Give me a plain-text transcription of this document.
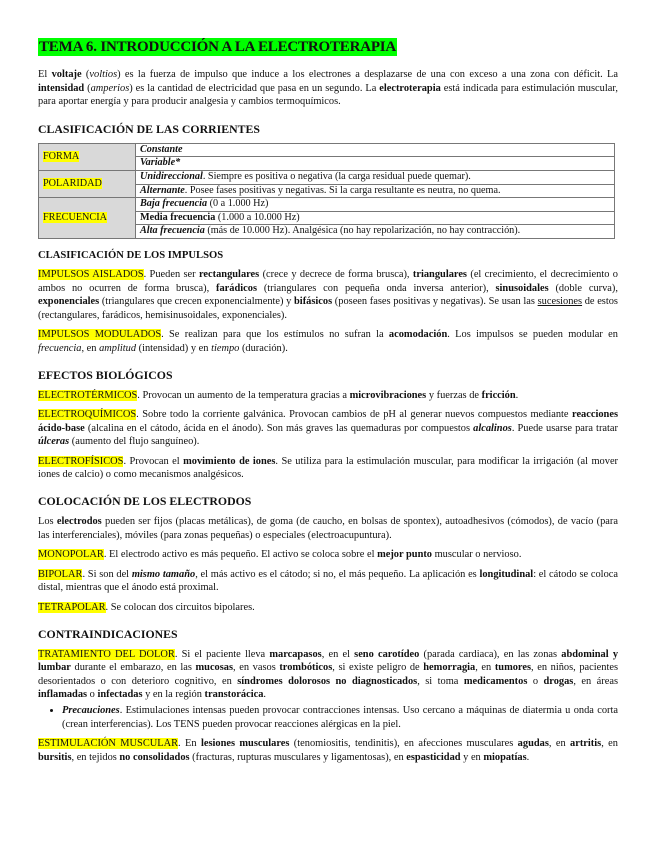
TEMA 6. INTRODUCCIÓN A LA ELECTROTERAPIA

El voltaje (voltios) es la fuerza de impulso que induce a los electrones a desplazarse de una con exceso a una zona con déficit. La intensidad (amperios) es la cantidad de electricidad que pasa en un segundo. La electroterapia está indicada para estimulación muscular, para aportar energía y para producir analgesia y cambios termoquímicos.

CLASIFICACIÓN DE LAS CORRIENTES
FORMA	Constante
	Variable*
POLARIDAD	Unidireccional. Siempre es positiva o negativa (la carga residual puede quemar).
	Alternante. Posee fases positivas y negativas. Si la carga resultante es neutra, no quema.
FRECUENCIA	Baja frecuencia (0 a 1.000 Hz)
	Media frecuencia (1.000 a 10.000 Hz)
	Alta frecuencia (más de 10.000 Hz). Analgésica (no hay repolarización, no hay contracción).
CLASIFICACIÓN DE LOS IMPULSOS

IMPULSOS AISLADOS. Pueden ser rectangulares (crece y decrece de forma brusca), triangulares (el crecimiento, el decrecimiento o ambos no ocurren de forma brusca), farádicos (triangulares con pequeña onda inversa anterior), sinusoidales (doble curva), exponenciales (triangulares que crecen exponencialmente) y bifásicos (poseen fases positivas y negativas). Se usan las sucesiones de estos (rectangulares, farádicos, hemisinusoidales, exponenciales).

IMPULSOS MODULADOS. Se realizan para que los estímulos no sufran la acomodación. Los impulsos se pueden modular en frecuencia, en amplitud (intensidad) y en tiempo (duración).

EFECTOS BIOLÓGICOS

ELECTROTÉRMICOS. Provocan un aumento de la temperatura gracias a microvibraciones y fuerzas de fricción.

ELECTROQUÍMICOS. Sobre todo la corriente galvánica. Provocan cambios de pH al generar nuevos compuestos mediante reacciones ácido-base (alcalina en el cátodo, ácida en el ánodo). Son más graves las quemaduras por compuestos alcalinos. Puede usarse para tratar úlceras (aumento del flujo sanguíneo).

ELECTROFÍSICOS. Provocan el movimiento de iones. Se utiliza para la estimulación muscular, para modificar la irrigación (al mover iones de calcio) o como mecanismos analgésicos.

COLOCACIÓN DE LOS ELECTRODOS

Los electrodos pueden ser fijos (placas metálicas), de goma (de caucho, en bolsas de spontex), autoadhesivos (cómodos), de vacío (para las interferenciales), móviles (para zonas pequeñas) o especiales (electroacupuntura).

MONOPOLAR. El electrodo activo es más pequeño. El activo se coloca sobre el mejor punto muscular o nervioso.

BIPOLAR. Si son del mismo tamaño, el más activo es el cátodo; si no, el más pequeño. La aplicación es longitudinal: el cátodo se coloca distal, mientras que el ánodo está proximal.

TETRAPOLAR. Se colocan dos circuitos bipolares.

CONTRAINDICACIONES

TRATAMIENTO DEL DOLOR. Si el paciente lleva marcapasos, en el seno carotídeo (parada cardiaca), en las zonas abdominal y lumbar durante el embarazo, en las mucosas, en vasos trombóticos, si existe peligro de hemorragia, en tumores, en niños, pacientes desorientados o con deterioro cognitivo, en síndromes dolorosos no diagnosticados, si toma medicamentos o drogas, en áreas inflamadas o infectadas y en la región transtorácica.

• Precauciones. Estimulaciones intensas pueden provocar contracciones intensas. Uso cercano a máquinas de diatermia u onda corta (crean interferencias). Los TENS pueden provocar reacciones alérgicas en la piel.

ESTIMULACIÓN MUSCULAR. En lesiones musculares (tenomiositis, tendinitis), en afecciones musculares agudas, en artritis, en bursitis, en tejidos no consolidados (fracturas, rupturas musculares y ligamentosas), en espasticidad y en miopatías.
